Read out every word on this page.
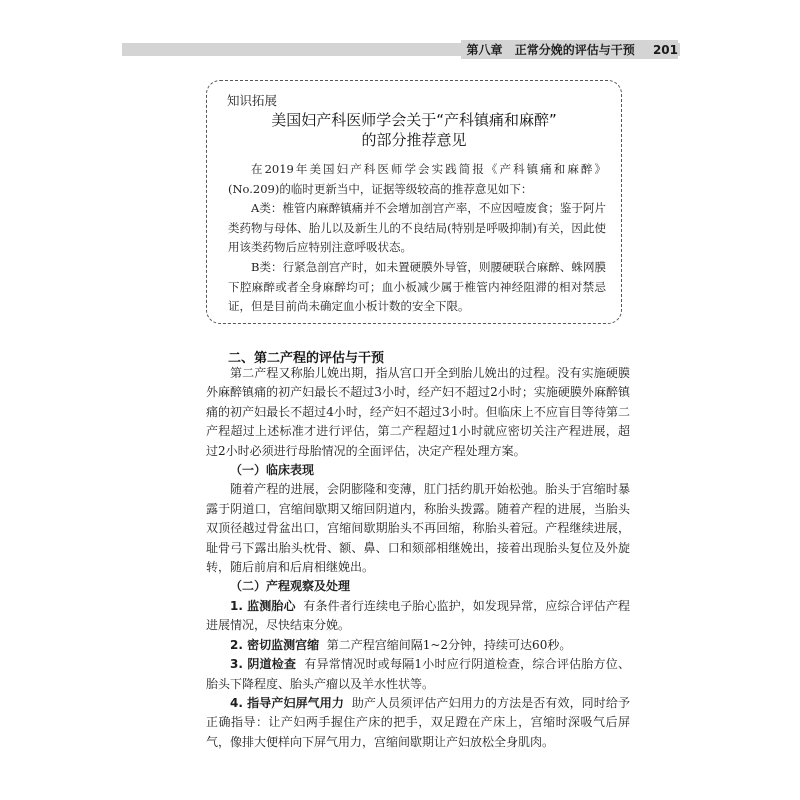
第八章 正常分娩的评估与干预 201
知识拓展
美国妇产科医师学会关于“产科镇痛和麻醉”
的部分推荐意见

在2019年美国妇产科医师学会实践简报《产科镇痛和麻醉》(No.209)的临时更新当中，证据等级较高的推荐意见如下：

A类：椎管内麻醉镇痛并不会增加剖宫产率，不应因噎废食；鉴于阿片类药物与母体、胎儿以及新生儿的不良结局(特别是呼吸抑制)有关，因此使用该类药物后应特别注意呼吸状态。

B类：行紧急剖宫产时，如未置硬膜外导管，则腰硬联合麻醉、蛛网膜下腔麻醉或者全身麻醉均可；血小板减少属于椎管内神经阻滞的相对禁忌证，但是目前尚未确定血小板计数的安全下限。

二、第二产程的评估与干预

第二产程又称胎儿娩出期，指从宫口开全到胎儿娩出的过程。没有实施硬膜外麻醉镇痛的初产妇最长不超过3小时，经产妇不超过2小时；实施硬膜外麻醉镇痛的初产妇最长不超过4小时，经产妇不超过3小时。但临床上不应盲目等待第二产程超过上述标准才进行评估，第二产程超过1小时就应密切关注产程进展，超过2小时必须进行母胎情况的全面评估，决定产程处理方案。

（一）临床表现

随着产程的进展，会阴膨隆和变薄，肛门括约肌开始松弛。胎头于宫缩时暴露于阴道口，宫缩间歇期又缩回阴道内，称胎头拨露。随着产程的进展，当胎头双顶径越过骨盆出口，宫缩间歇期胎头不再回缩，称胎头着冠。产程继续进展，耻骨弓下露出胎头枕骨、额、鼻、口和颏部相继娩出，接着出现胎头复位及外旋转，随后前肩和后肩相继娩出。

（二）产程观察及处理

1. 监测胎心 有条件者行连续电子胎心监护，如发现异常，应综合评估产程进展情况，尽快结束分娩。

2. 密切监测宫缩 第二产程宫缩间隔1~2分钟，持续可达60秒。

3. 阴道检查 有异常情况时或每隔1小时应行阴道检查，综合评估胎方位、胎头下降程度、胎头产瘤以及羊水性状等。

4. 指导产妇屏气用力 助产人员须评估产妇用力的方法是否有效，同时给予正确指导：让产妇两手握住产床的把手，双足蹬在产床上，宫缩时深吸气后屏气，像排大便样向下屏气用力，宫缩间歇期让产妇放松全身肌肉。
